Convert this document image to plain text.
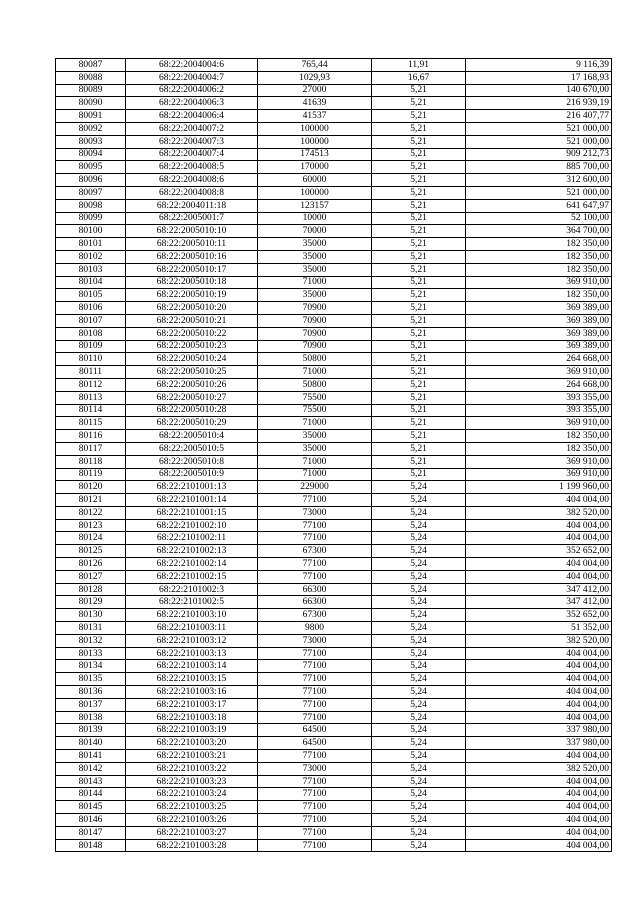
80087	68:22:2004004:6	765,44	11,91	9 116,39
80088	68:22:2004004:7	1029,93	16,67	17 168,93
80089	68:22:2004006:2	27000	5,21	140 670,00
80090	68:22:2004006:3	41639	5,21	216 939,19
80091	68:22:2004006:4	41537	5,21	216 407,77
80092	68:22:2004007:2	100000	5,21	521 000,00
80093	68:22:2004007:3	100000	5,21	521 000,00
80094	68:22:2004007:4	174513	5,21	909 212,73
80095	68:22:2004008:5	170000	5,21	885 700,00
80096	68:22:2004008:6	60000	5,21	312 600,00
80097	68:22:2004008:8	100000	5,21	521 000,00
80098	68:22:2004011:18	123157	5,21	641 647,97
80099	68:22:2005001:7	10000	5,21	52 100,00
80100	68:22:2005010:10	70000	5,21	364 700,00
80101	68:22:2005010:11	35000	5,21	182 350,00
80102	68:22:2005010:16	35000	5,21	182 350,00
80103	68:22:2005010:17	35000	5,21	182 350,00
80104	68:22:2005010:18	71000	5,21	369 910,00
80105	68:22:2005010:19	35000	5,21	182 350,00
80106	68:22:2005010:20	70900	5,21	369 389,00
80107	68:22:2005010:21	70900	5,21	369 389,00
80108	68:22:2005010:22	70900	5,21	369 389,00
80109	68:22:2005010:23	70900	5,21	369 389,00
80110	68:22:2005010:24	50800	5,21	264 668,00
80111	68:22:2005010:25	71000	5,21	369 910,00
80112	68:22:2005010:26	50800	5,21	264 668,00
80113	68:22:2005010:27	75500	5,21	393 355,00
80114	68:22:2005010:28	75500	5,21	393 355,00
80115	68:22:2005010:29	71000	5,21	369 910,00
80116	68:22:2005010:4	35000	5,21	182 350,00
80117	68:22:2005010:5	35000	5,21	182 350,00
80118	68:22:2005010:8	71000	5,21	369 910,00
80119	68:22:2005010:9	71000	5,21	369 910,00
80120	68:22:2101001:13	229000	5,24	1 199 960,00
80121	68:22:2101001:14	77100	5,24	404 004,00
80122	68:22:2101001:15	73000	5,24	382 520,00
80123	68:22:2101002:10	77100	5,24	404 004,00
80124	68:22:2101002:11	77100	5,24	404 004,00
80125	68:22:2101002:13	67300	5,24	352 652,00
80126	68:22:2101002:14	77100	5,24	404 004,00
80127	68:22:2101002:15	77100	5,24	404 004,00
80128	68:22:2101002:3	66300	5,24	347 412,00
80129	68:22:2101002:5	66300	5,24	347 412,00
80130	68:22:2101003:10	67300	5,24	352 652,00
80131	68:22:2101003:11	9800	5,24	51 352,00
80132	68:22:2101003:12	73000	5,24	382 520,00
80133	68:22:2101003:13	77100	5,24	404 004,00
80134	68:22:2101003:14	77100	5,24	404 004,00
80135	68:22:2101003:15	77100	5,24	404 004,00
80136	68:22:2101003:16	77100	5,24	404 004,00
80137	68:22:2101003:17	77100	5,24	404 004,00
80138	68:22:2101003:18	77100	5,24	404 004,00
80139	68:22:2101003:19	64500	5,24	337 980,00
80140	68:22:2101003:20	64500	5,24	337 980,00
80141	68:22:2101003:21	77100	5,24	404 004,00
80142	68:22:2101003:22	73000	5,24	382 520,00
80143	68:22:2101003:23	77100	5,24	404 004,00
80144	68:22:2101003:24	77100	5,24	404 004,00
80145	68:22:2101003:25	77100	5,24	404 004,00
80146	68:22:2101003:26	77100	5,24	404 004,00
80147	68:22:2101003:27	77100	5,24	404 004,00
80148	68:22:2101003:28	77100	5,24	404 004,00
